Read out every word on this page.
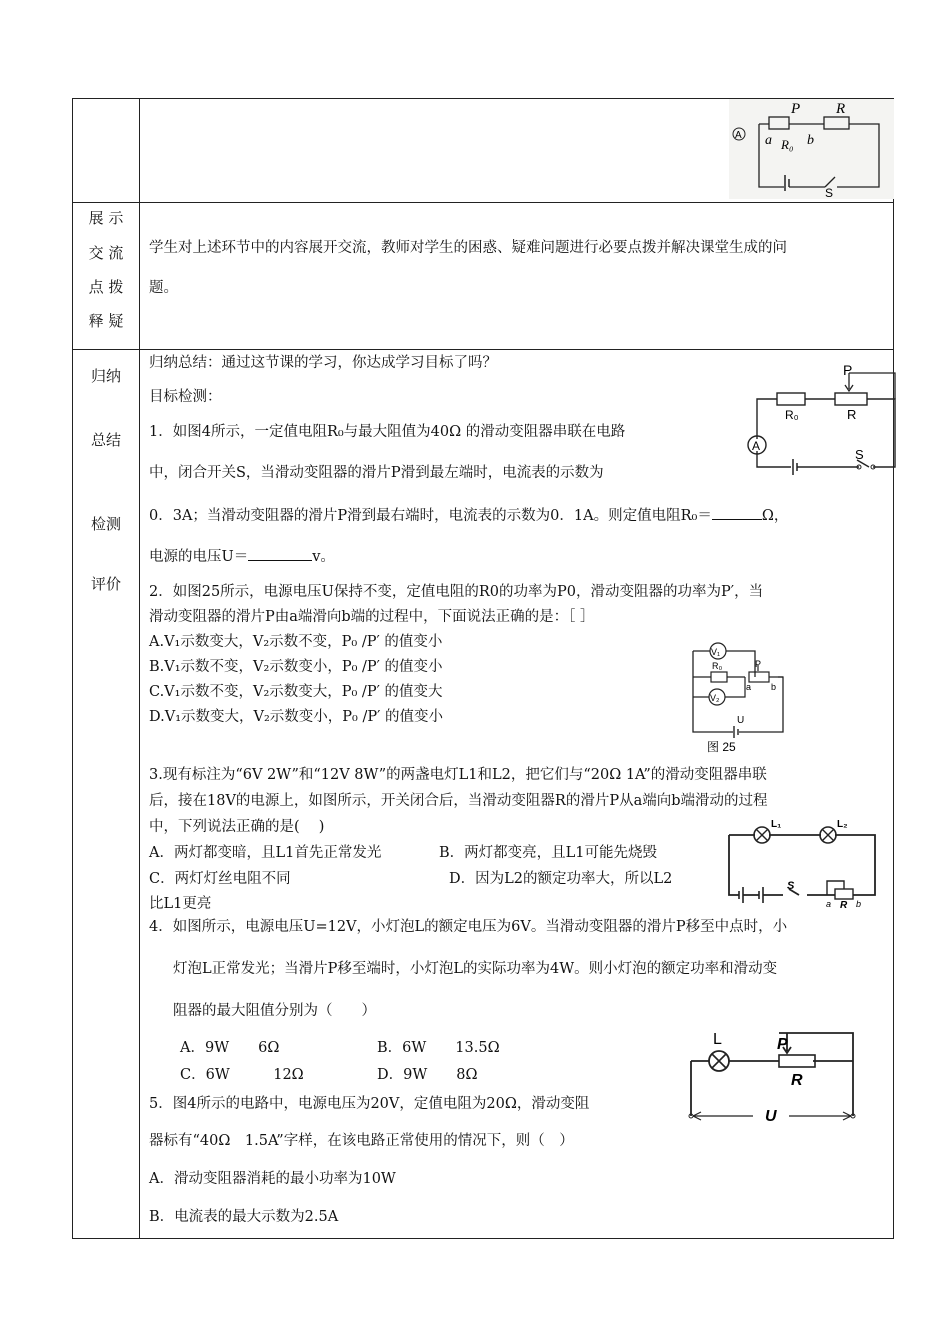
P R
a R₀ b
A
S
展 示
交 流
点 拨
释 疑
学生对上述环节中的内容展开交流，教师对学生的困惑、疑难问题进行必要点拨并解决课堂生成的问
题。
归纳
总结
检测
评价
归纳总结：通过这节课的学习，你达成学习目标了吗？
目标检测：
1．如图4所示，一定值电阻R₀与最大阻值为40Ω 的滑动变阻器串联在电路
中，闭合开关S，当滑动变阻器的滑片P滑到最左端时，电流表的示数为
0．3A；当滑动变阻器的滑片P滑到最右端时，电流表的示数为0．1A。则定值电阻R₀＝	Ω，
电源的电压U＝	v。
P
R₀	R
A
S
2．如图25所示，电源电压U保持不变，定值电阻的R0的功率为P0，滑动变阻器的功率为P′，当
滑动变阻器的滑片P由a端滑向b端的过程中，下面说法正确的是：［ ］
A.V₁示数变大，V₂示数不变，P₀ /P′ 的值变小
B.V₁示数不变，V₂示数变小，P₀ /P′ 的值变小
C.V₁示数不变，V₂示数变大，P₀ /P′ 的值变大
D.V₁示数变大，V₂示数变小，P₀ /P′ 的值变小
V₁
R₀	P
a b
V₂
U
图 25
3.现有标注为“6V 2W”和“12V 8W”的两盏电灯L1和L2，把它们与“20Ω 1A”的滑动变阻器串联
后，接在18V的电源上，如图所示，开关闭合后，当滑动变阻器R的滑片P从a端向b端滑动的过程
中，下列说法正确的是(　 )
A．两灯都变暗，且L1首先正常发光	B．两灯都变亮，且L1可能先烧毁
C．两灯灯丝电阻不同	D．因为L2的额定功率大，所以L2
比L1更亮
L₁	L₂
S
a R b
4．如图所示，电源电压U=12V，小灯泡L的额定电压为6V。当滑动变阻器的滑片P移至中点时，小
灯泡L正常发光；当滑片P移至端时，小灯泡L的实际功率为4W。则小灯泡的额定功率和滑动变
阻器的最大阻值分别为（　　）
A．9W　　6Ω	B．6W　　13.5Ω
C．6W　　　12Ω	D．9W　　8Ω
L	P
R
U
5．图4所示的电路中，电源电压为20V，定值电阻为20Ω，滑动变阻
器标有“40Ω　1.5A”字样，在该电路正常使用的情况下，则（　）
A．滑动变阻器消耗的最小功率为10W
B．电流表的最大示数为2.5A
